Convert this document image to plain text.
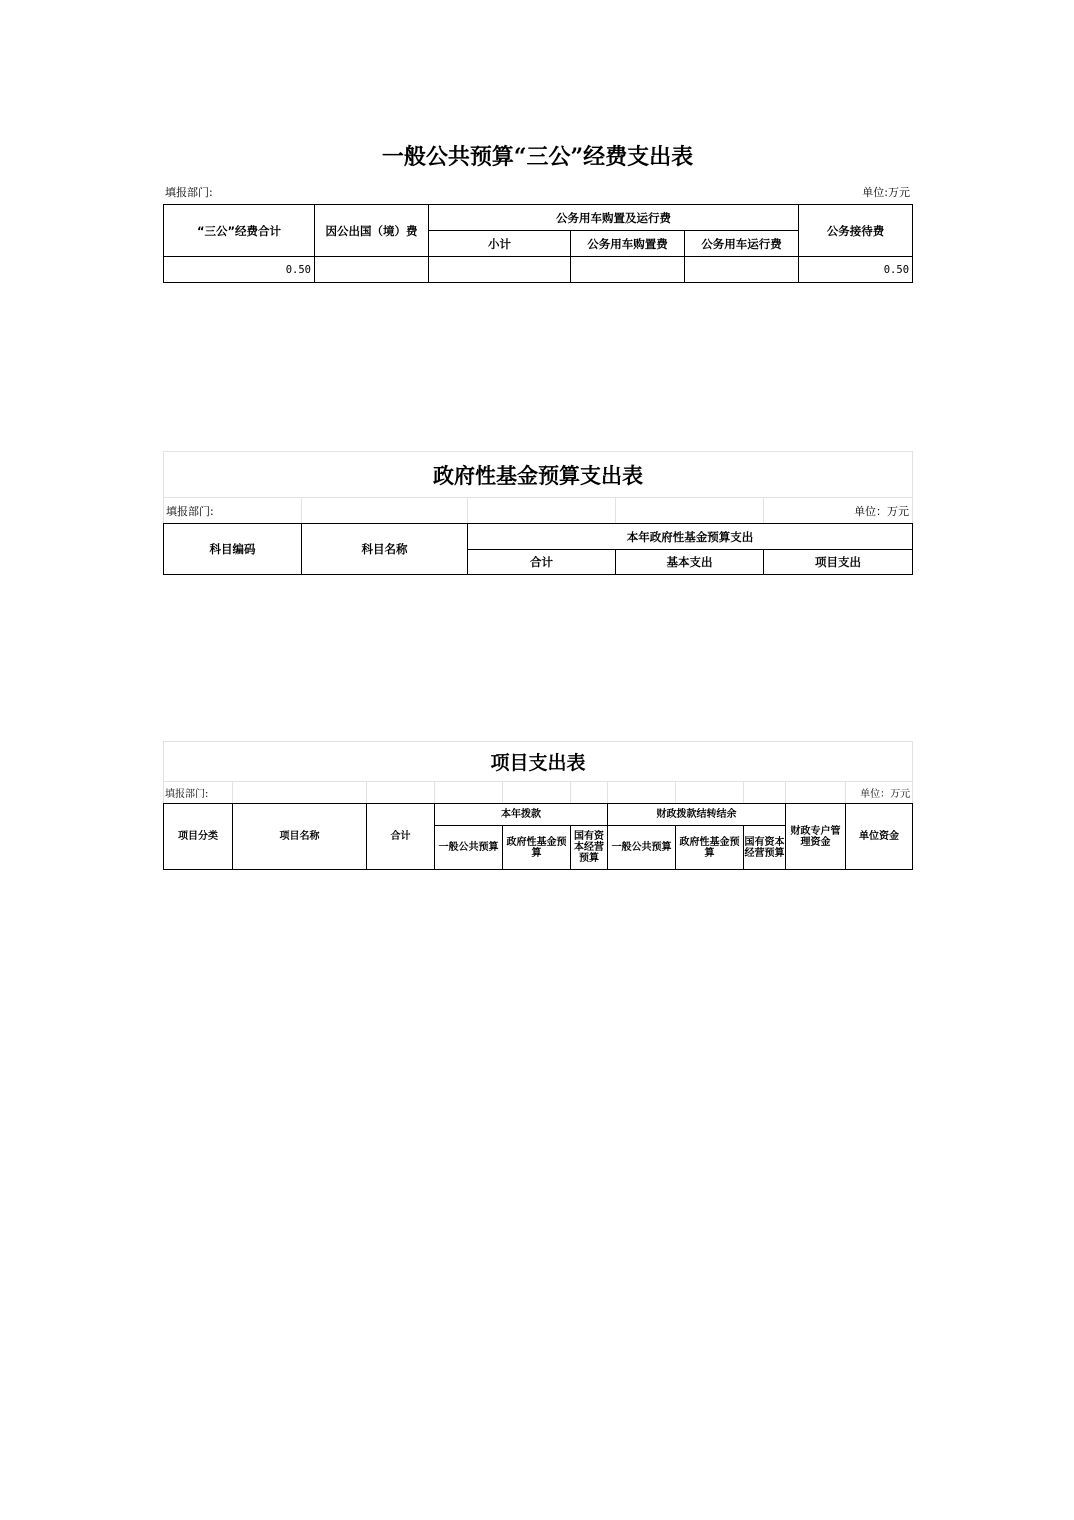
一般公共预算“三公”经费支出表
填报部门:	单位:万元
“三公”经费合计	因公出国（境）费	公务用车购置及运行费			公务接待费
		小计	公务用车购置费	公务用车运行费	
0.50					0.50
政府性基金预算支出表
填报部门:				单位：万元
科目编码	科目名称	本年政府性基金预算支出		
		合计	基本支出	项目支出
项目支出表
填报部门:										单位：万元
项目分类	项目名称	合计	本年拨款			财政拨款结转结余			财政专户管理资金	单位资金
			一般公共预算	政府性基金预算	国有资本经营预算	一般公共预算	政府性基金预算	国有资本经营预算		
